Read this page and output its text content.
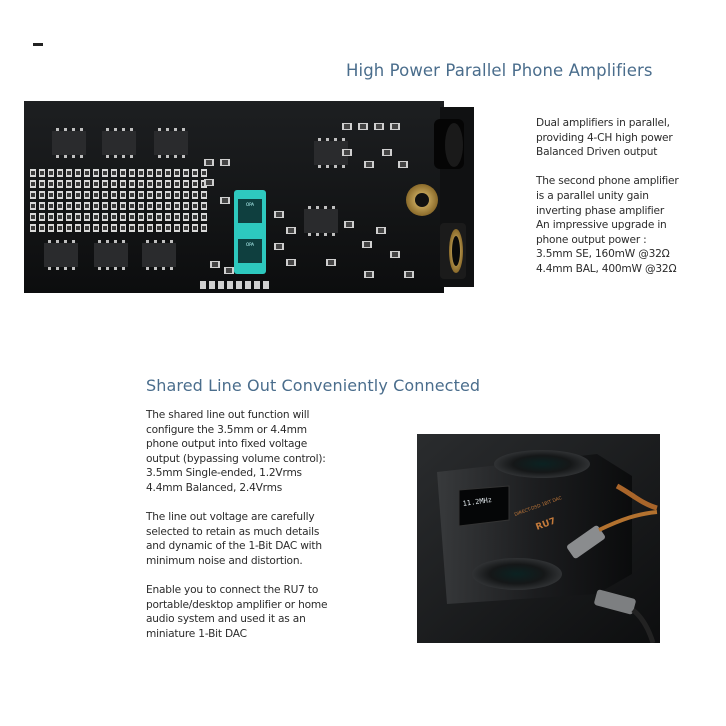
High Power Parallel Phone Amplifiers
OPA
OPA

Dual amplifiers in parallel,
providing 4-CH high power
Balanced Driven output

The second phone amplifier
is a parallel unity gain
inverting phase amplifier
An impressive upgrade in
phone output power :
3.5mm SE, 160mW @32Ω
4.4mm BAL, 400mW @32Ω

Shared Line Out Conveniently Connected

The shared line out function will
configure the 3.5mm or 4.4mm
phone output into fixed voltage
output (bypassing volume control):
3.5mm Single-ended, 1.2Vrms
4.4mm Balanced, 2.4Vrms

The line out voltage are carefully
selected to retain as much details
and dynamic of the 1-Bit DAC with
minimum noise and distortion.

Enable you to connect the RU7 to
portable/desktop amplifier or home
audio system and used it as an
miniature 1-Bit DAC

11.2MHz	DIRECT-DSD 1BIT DAC
RU7
